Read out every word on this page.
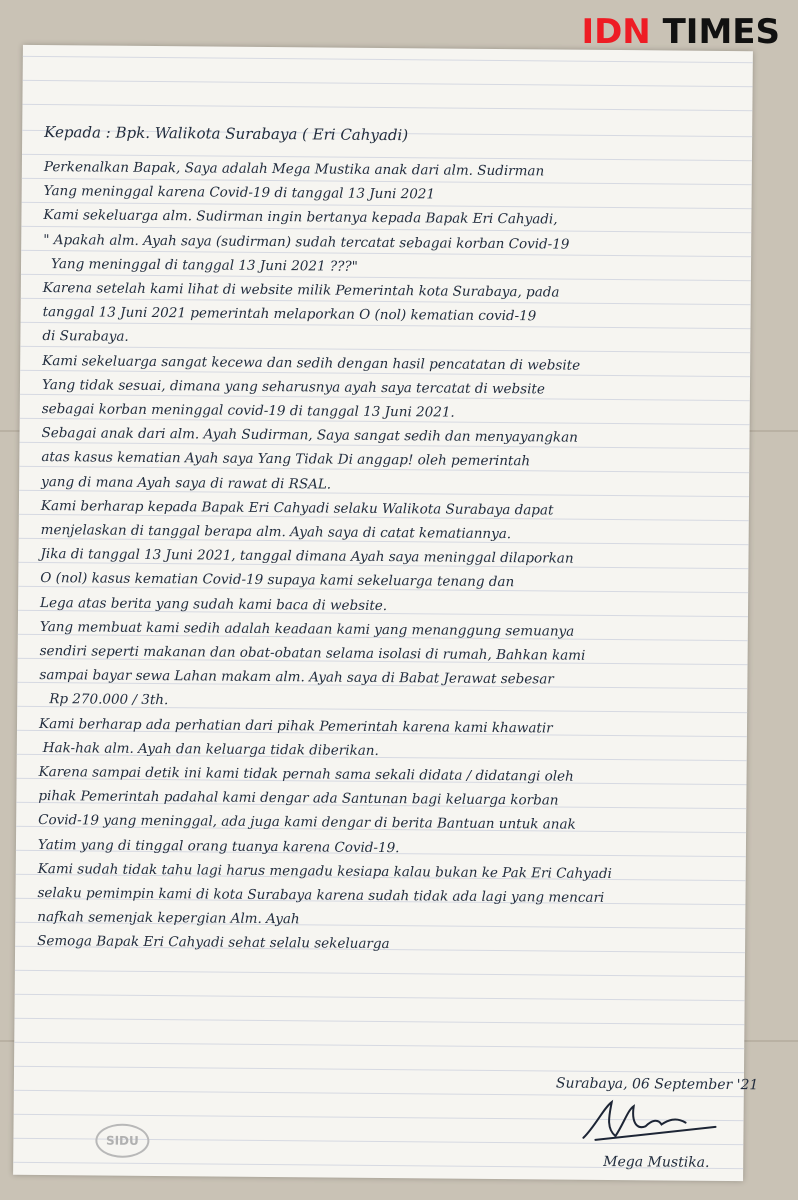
IDN TIMES
Kepada : Bpk. Walikota Surabaya ( Eri Cahyadi)
Perkenalkan Bapak, Saya adalah Mega Mustika anak dari alm. Sudirman
Yang meninggal karena Covid-19 di tanggal 13 Juni 2021
Kami sekeluarga alm. Sudirman ingin bertanya kepada Bapak Eri Cahyadi,
" Apakah alm. Ayah saya (sudirman) sudah tercatat sebagai korban Covid-19
Yang meninggal di tanggal 13 Juni 2021 ???"
Karena setelah kami lihat di website milik Pemerintah kota Surabaya, pada
tanggal 13 Juni 2021 pemerintah melaporkan O (nol) kematian covid-19
di Surabaya.
Kami sekeluarga sangat kecewa dan sedih dengan hasil pencatatan di website
Yang tidak sesuai, dimana yang seharusnya ayah saya tercatat di website
sebagai korban meninggal covid-19 di tanggal 13 Juni 2021.
Sebagai anak dari alm. Ayah Sudirman, Saya sangat sedih dan menyayangkan
atas kasus kematian Ayah saya Yang Tidak Di anggap! oleh pemerintah
yang di mana Ayah saya di rawat di RSAL.
Kami berharap kepada Bapak Eri Cahyadi selaku Walikota Surabaya dapat
menjelaskan di tanggal berapa alm. Ayah saya di catat kematiannya.
Jika di tanggal 13 Juni 2021, tanggal dimana Ayah saya meninggal dilaporkan
O (nol) kasus kematian Covid-19 supaya kami sekeluarga tenang dan
Lega atas berita yang sudah kami baca di website.
Yang membuat kami sedih adalah keadaan kami yang menanggung semuanya
sendiri seperti makanan dan obat-obatan selama isolasi di rumah, Bahkan kami
sampai bayar sewa Lahan makam alm. Ayah saya di Babat Jerawat sebesar
Rp 270.000 / 3th.
Kami berharap ada perhatian dari pihak Pemerintah karena kami khawatir
Hak-hak alm. Ayah dan keluarga tidak diberikan.
Karena sampai detik ini kami tidak pernah sama sekali didata / didatangi oleh
pihak Pemerintah padahal kami dengar ada Santunan bagi keluarga korban
Covid-19 yang meninggal, ada juga kami dengar di berita Bantuan untuk anak
Yatim yang di tinggal orang tuanya karena Covid-19.
Kami sudah tidak tahu lagi harus mengadu kesiapa kalau bukan ke Pak Eri Cahyadi
selaku pemimpin kami di kota Surabaya karena sudah tidak ada lagi yang mencari
nafkah semenjak kepergian Alm. Ayah
Semoga Bapak Eri Cahyadi sehat selalu sekeluarga
Surabaya, 06 September '21
Mega Mustika.
SIDU
